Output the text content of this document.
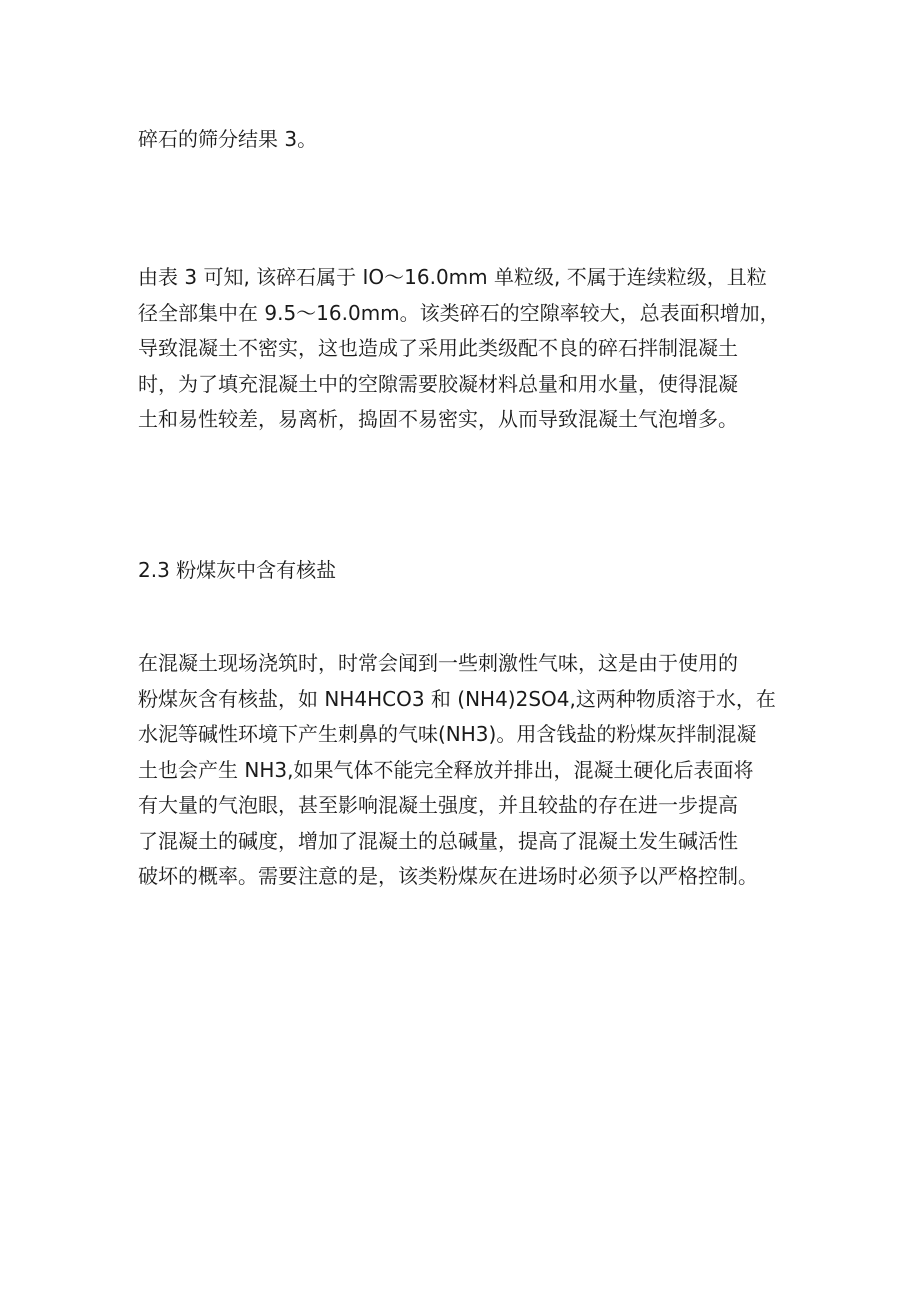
碎石的筛分结果 3。

由表 3 可知, 该碎石属于 IO～16.0mm 单粒级, 不属于连续粒级，且粒
径全部集中在 9.5～16.0mm。该类碎石的空隙率较大，总表面积增加，
导致混凝土不密实，这也造成了采用此类级配不良的碎石拌制混凝土
时，为了填充混凝土中的空隙需要胶凝材料总量和用水量，使得混凝
土和易性较差，易离析，捣固不易密实，从而导致混凝土气泡增多。

2.3 粉煤灰中含有核盐

在混凝土现场浇筑时，时常会闻到一些刺激性气味，这是由于使用的
粉煤灰含有核盐，如 NH4HCO3 和 (NH4)2SO4,这两种物质溶于水，在
水泥等碱性环境下产生刺鼻的气味(NH3)。用含钱盐的粉煤灰拌制混凝
土也会产生 NH3,如果气体不能完全释放并排出，混凝土硬化后表面将
有大量的气泡眼，甚至影响混凝土强度，并且较盐的存在进一步提高
了混凝土的碱度，增加了混凝土的总碱量，提高了混凝土发生碱活性
破坏的概率。需要注意的是，该类粉煤灰在进场时必须予以严格控制。
